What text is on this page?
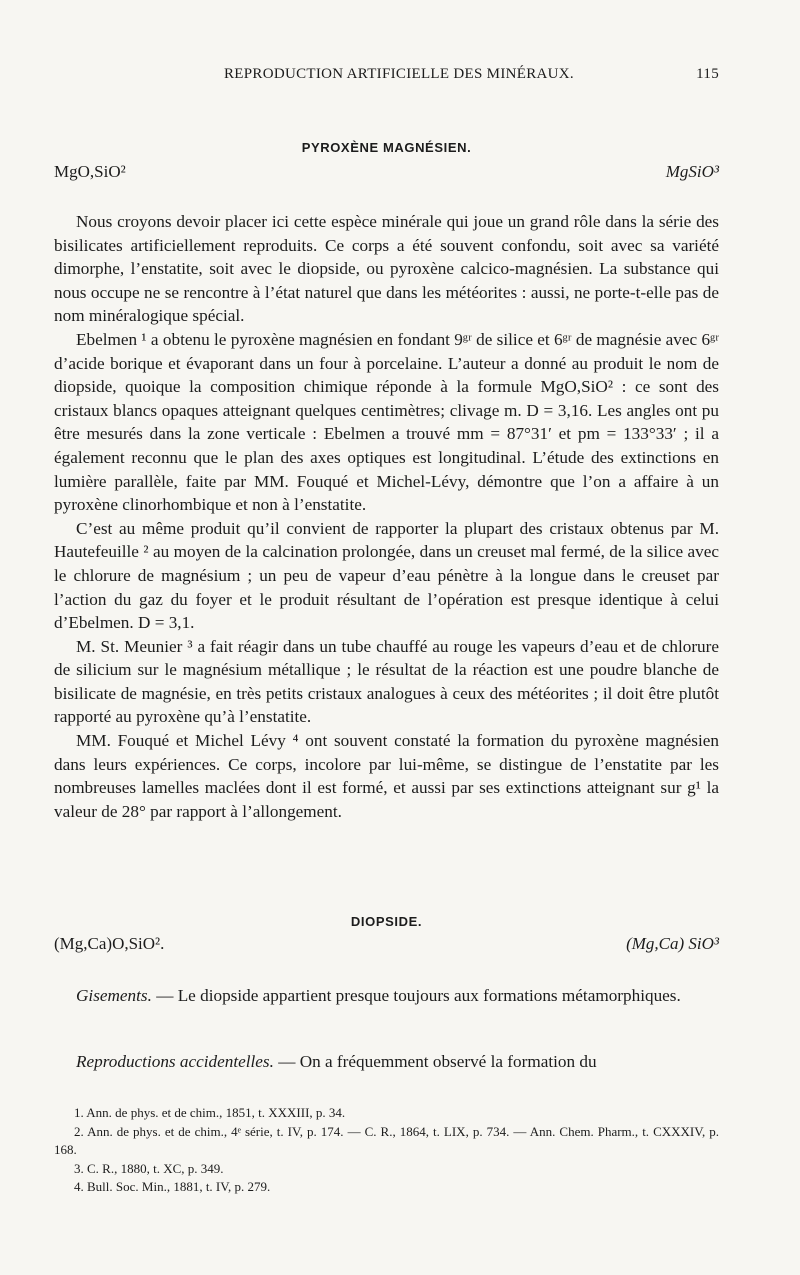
REPRODUCTION ARTIFICIELLE DES MINÉRAUX.	115
PYROXÈNE MAGNÉSIEN.
MgO,SiO²	MgSiO³

Nous croyons devoir placer ici cette espèce minérale qui joue un grand rôle dans la série des bisilicates artificiellement reproduits. Ce corps a été souvent confondu, soit avec sa variété dimorphe, l’enstatite, soit avec le diopside, ou pyroxène calcico-magnésien. La substance qui nous occupe ne se rencontre à l’état naturel que dans les météorites : aussi, ne porte-t-elle pas de nom minéralogique spécial.

Ebelmen ¹ a obtenu le pyroxène magnésien en fondant 9ᵍʳ de silice et 6ᵍʳ de magnésie avec 6ᵍʳ d’acide borique et évaporant dans un four à porcelaine. L’auteur a donné au produit le nom de diopside, quoique la composition chimique réponde à la formule MgO,SiO² : ce sont des cristaux blancs opaques atteignant quelques centimètres; clivage m. D = 3,16. Les angles ont pu être mesurés dans la zone verticale : Ebelmen a trouvé mm = 87°31′ et pm = 133°33′ ; il a également reconnu que le plan des axes optiques est longitudinal. L’étude des extinctions en lumière parallèle, faite par MM. Fouqué et Michel-Lévy, démontre que l’on a affaire à un pyroxène clinorhombique et non à l’enstatite.

C’est au même produit qu’il convient de rapporter la plupart des cristaux obtenus par M. Hautefeuille ² au moyen de la calcination prolongée, dans un creuset mal fermé, de la silice avec le chlorure de magnésium ; un peu de vapeur d’eau pénètre à la longue dans le creuset par l’action du gaz du foyer et le produit résultant de l’opération est presque identique à celui d’Ebelmen. D = 3,1.

M. St. Meunier ³ a fait réagir dans un tube chauffé au rouge les vapeurs d’eau et de chlorure de silicium sur le magnésium métallique ; le résultat de la réaction est une poudre blanche de bisilicate de magnésie, en très petits cristaux analogues à ceux des météorites ; il doit être plutôt rapporté au pyroxène qu’à l’enstatite.

MM. Fouqué et Michel Lévy ⁴ ont souvent constaté la formation du pyroxène magnésien dans leurs expériences. Ce corps, incolore par lui-même, se distingue de l’enstatite par les nombreuses lamelles maclées dont il est formé, et aussi par ses extinctions atteignant sur g¹ la valeur de 28° par rapport à l’allongement.

DIOPSIDE.
(Mg,Ca)O,SiO².	(Mg,Ca) SiO³

Gisements. — Le diopside appartient presque toujours aux formations métamorphiques.

Reproductions accidentelles. — On a fréquemment observé la formation du

1. Ann. de phys. et de chim., 1851, t. XXXIII, p. 34.

2. Ann. de phys. et de chim., 4ᵉ série, t. IV, p. 174. — C. R., 1864, t. LIX, p. 734. — Ann. Chem. Pharm., t. CXXXIV, p. 168.

3. C. R., 1880, t. XC, p. 349.

4. Bull. Soc. Min., 1881, t. IV, p. 279.
